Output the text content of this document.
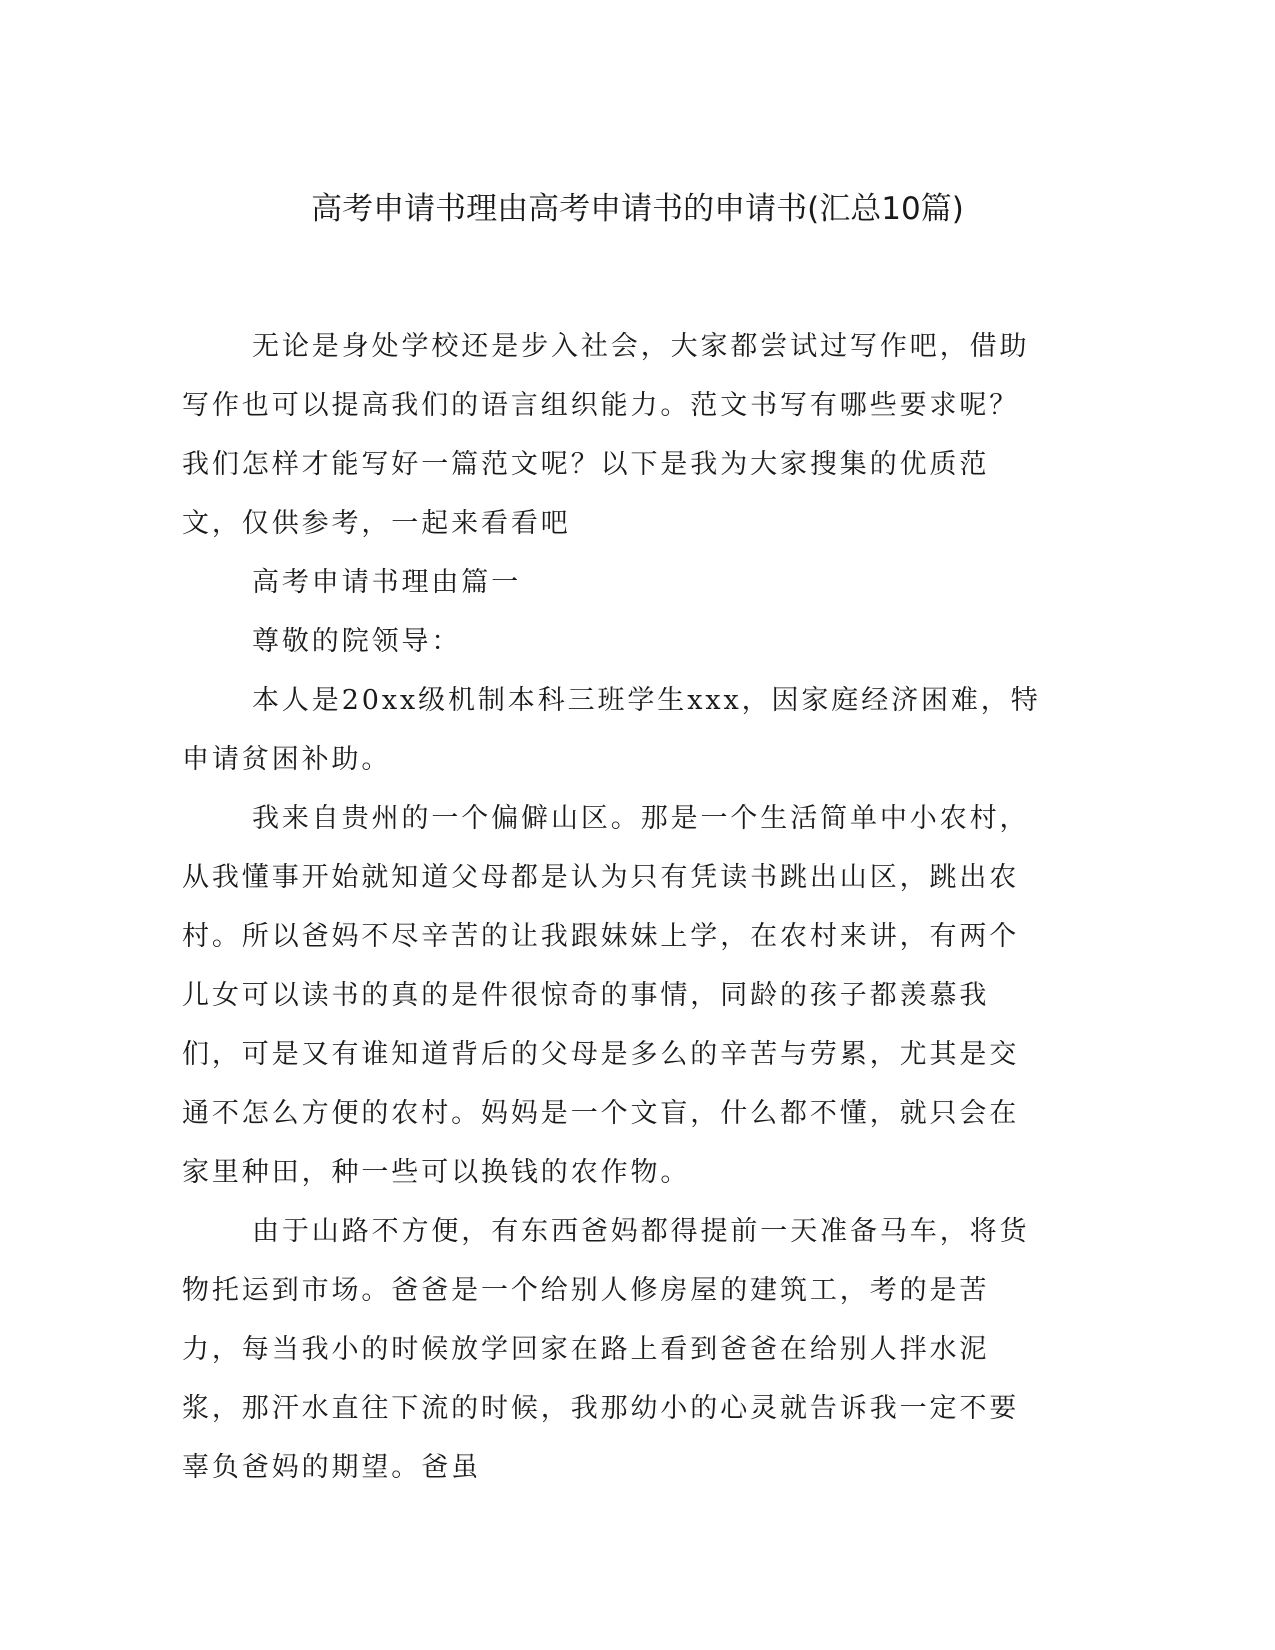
高考申请书理由高考申请书的申请书(汇总10篇)

无论是身处学校还是步入社会，大家都尝试过写作吧，借助写作也可以提高我们的语言组织能力。范文书写有哪些要求呢？我们怎样才能写好一篇范文呢？以下是我为大家搜集的优质范文，仅供参考，一起来看看吧

高考申请书理由篇一

尊敬的院领导：

本人是20xx级机制本科三班学生xxx，因家庭经济困难，特申请贫困补助。

我来自贵州的一个偏僻山区。那是一个生活简单中小农村，从我懂事开始就知道父母都是认为只有凭读书跳出山区，跳出农村。所以爸妈不尽辛苦的让我跟妹妹上学，在农村来讲，有两个儿女可以读书的真的是件很惊奇的事情，同龄的孩子都羡慕我们，可是又有谁知道背后的父母是多么的辛苦与劳累，尤其是交通不怎么方便的农村。妈妈是一个文盲，什么都不懂，就只会在家里种田，种一些可以换钱的农作物。

由于山路不方便，有东西爸妈都得提前一天准备马车，将货物托运到市场。爸爸是一个给别人修房屋的建筑工，考的是苦力，每当我小的时候放学回家在路上看到爸爸在给别人拌水泥浆，那汗水直往下流的时候，我那幼小的心灵就告诉我一定不要辜负爸妈的期望。爸虽
